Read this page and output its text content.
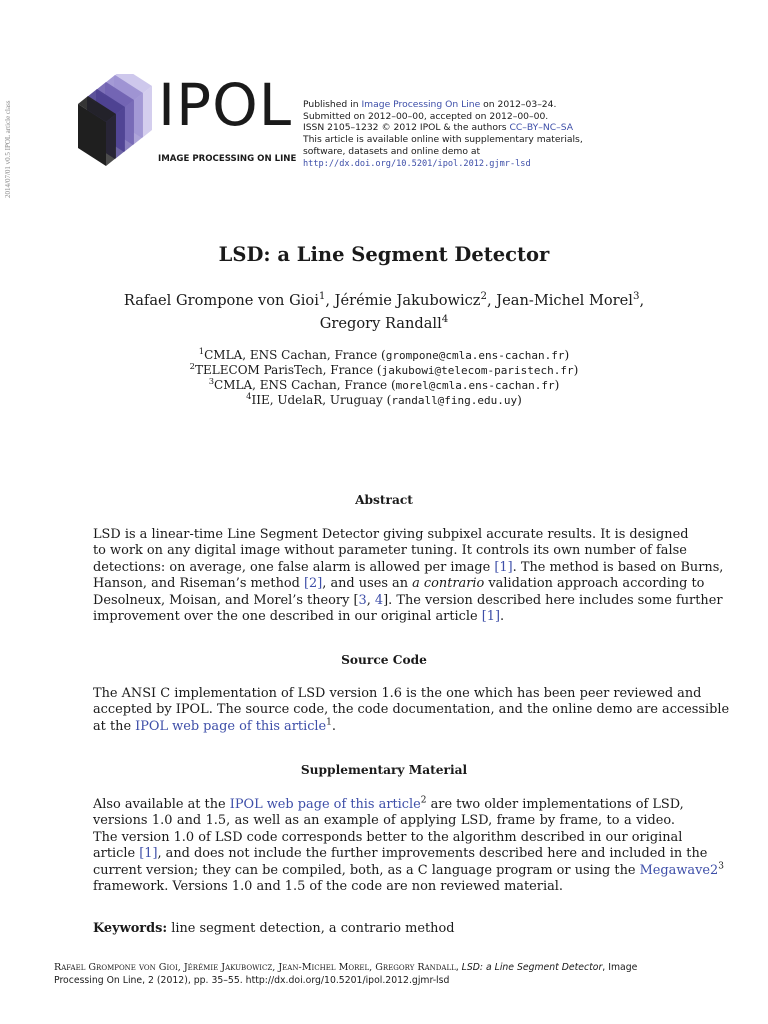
2014/07/01 v0.5 IPOL article class	IPOL
IMAGE PROCESSING ON LINE
Published in Image Processing On Line on 2012–03–24.
Submitted on 2012–00–00, accepted on 2012–00–00.
ISSN 2105–1232 © 2012 IPOL & the authors CC–BY–NC–SA
This article is available online with supplementary materials,
software, datasets and online demo at
http://dx.doi.org/10.5201/ipol.2012.gjmr-lsd
LSD: a Line Segment Detector
Rafael Grompone von Gioi$^1$, Jérémie Jakubowicz$^2$, Jean-Michel Morel$^3$,
Gregory Randall$^4$
$^1$CMLA, ENS Cachan, France (grompone@cmla.ens-cachan.fr)
$^2$TELECOM ParisTech, France (jakubowi@telecom-paristech.fr)
$^3$CMLA, ENS Cachan, France (morel@cmla.ens-cachan.fr)
$^4$IIE, UdelaR, Uruguay (randall@fing.edu.uy)
Abstract
LSD is a linear-time Line Segment Detector giving subpixel accurate results. It is designed
to work on any digital image without parameter tuning. It controls its own number of false
detections: on average, one false alarm is allowed per image [1]. The method is based on Burns,
Hanson, and Riseman’s method [2], and uses an a contrario validation approach according to
Desolneux, Moisan, and Morel’s theory [3, 4]. The version described here includes some further
improvement over the one described in our original article [1].
Source Code
The ANSI C implementation of LSD version 1.6 is the one which has been peer reviewed and
accepted by IPOL. The source code, the code documentation, and the online demo are accessible
at the IPOL web page of this article$^1$.
Supplementary Material
Also available at the IPOL web page of this article$^2$ are two older implementations of LSD,
versions 1.0 and 1.5, as well as an example of applying LSD, frame by frame, to a video.
The version 1.0 of LSD code corresponds better to the algorithm described in our original
article [1], and does not include the further improvements described here and included in the
current version; they can be compiled, both, as a C language program or using the $Megawave2^3$
framework. Versions 1.0 and 1.5 of the code are non reviewed material.
Keywords: line segment detection, a contrario method
Rafael Grompone von Gioi, Jérémie Jakubowicz, Jean-Michel Morel, Gregory Randall, LSD: a Line Segment Detector, Image
Processing On Line, 2 (2012), pp. 35–55. http://dx.doi.org/10.5201/ipol.2012.gjmr-lsd
